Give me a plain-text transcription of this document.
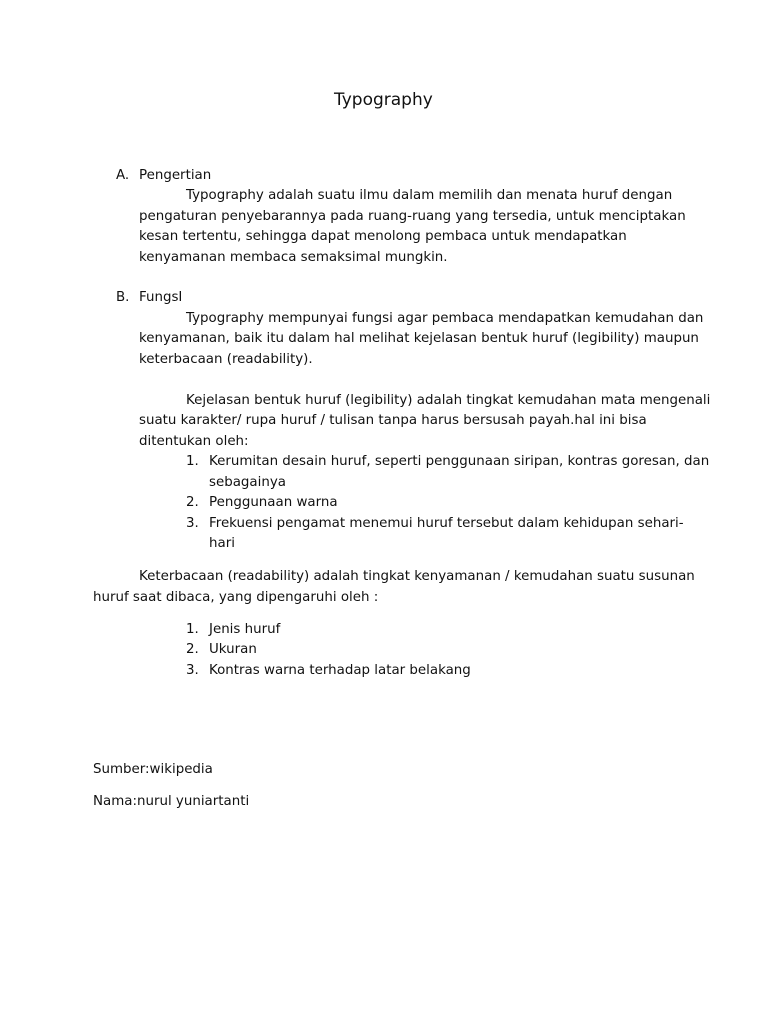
Typography
A. Pengertian
Typography adalah suatu ilmu dalam memilih dan menata huruf dengan
pengaturan penyebarannya pada ruang-ruang yang tersedia, untuk menciptakan
kesan tertentu, sehingga dapat menolong pembaca untuk mendapatkan
kenyamanan membaca semaksimal mungkin.
B. FungsI
Typography mempunyai fungsi agar pembaca mendapatkan kemudahan dan
kenyamanan, baik itu dalam hal melihat kejelasan bentuk huruf (legibility) maupun
keterbacaan (readability).
Kejelasan bentuk huruf (legibility) adalah tingkat kemudahan mata mengenali
suatu karakter/ rupa huruf / tulisan tanpa harus bersusah payah.hal ini bisa
ditentukan oleh:
1. Kerumitan desain huruf, seperti penggunaan siripan, kontras goresan, dan
sebagainya
2. Penggunaan warna
3. Frekuensi pengamat menemui huruf tersebut dalam kehidupan sehari-
hari
Keterbacaan (readability) adalah tingkat kenyamanan / kemudahan suatu susunan
huruf saat dibaca, yang dipengaruhi oleh :
1. Jenis huruf
2. Ukuran
3. Kontras warna terhadap latar belakang
Sumber:wikipedia
Nama:nurul yuniartanti
